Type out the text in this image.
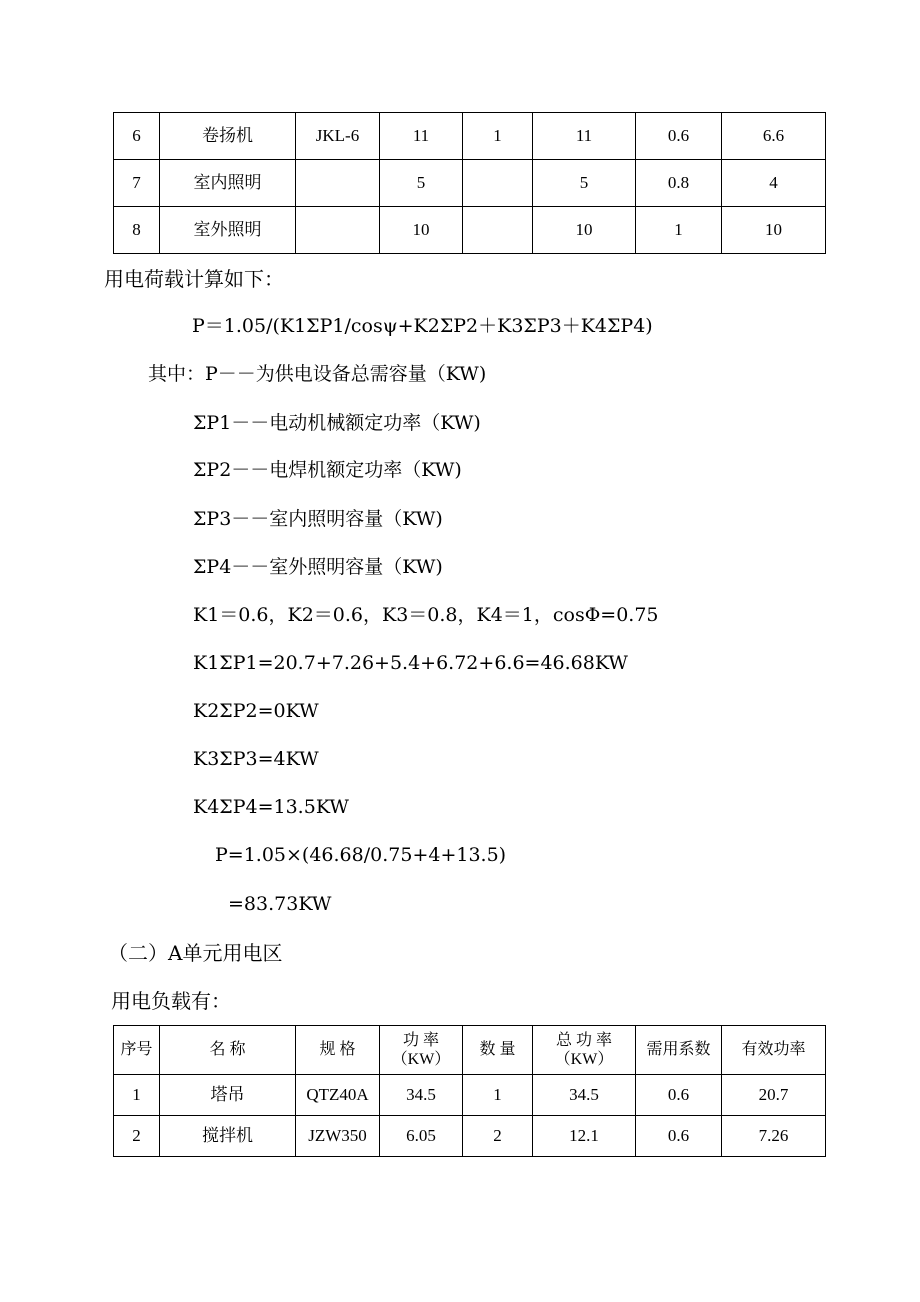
6	卷扬机	JKL-6	11	1	11	0.6	6.6
7	室内照明		5		5	0.8	4
8	室外照明		10		10	1	10
用电荷载计算如下：
P＝1.05/(K1ΣP1/cosψ+K2ΣP2＋K3ΣP3＋K4ΣP4)
其中：P－－为供电设备总需容量（KW)
ΣP1－－电动机械额定功率（KW)
ΣP2－－电焊机额定功率（KW)
ΣP3－－室内照明容量（KW)
ΣP4－－室外照明容量（KW)
K1＝0.6，K2＝0.6，K3＝0.8，K4＝1，cosΦ=0.75
K1ΣP1=20.7+7.26+5.4+6.72+6.6=46.68KW
K2ΣP2=0KW
K3ΣP3=4KW
K4ΣP4=13.5KW
P=1.05×(46.68/0.75+4+13.5)
=83.73KW
（二）A单元用电区
用电负载有：
序号	名 称	规 格	功 率（KW）	数 量	总 功 率（KW）	需用系数	有效功率
1	塔吊	QTZ40A	34.5	1	34.5	0.6	20.7
2	搅拌机	JZW350	6.05	2	12.1	0.6	7.26
